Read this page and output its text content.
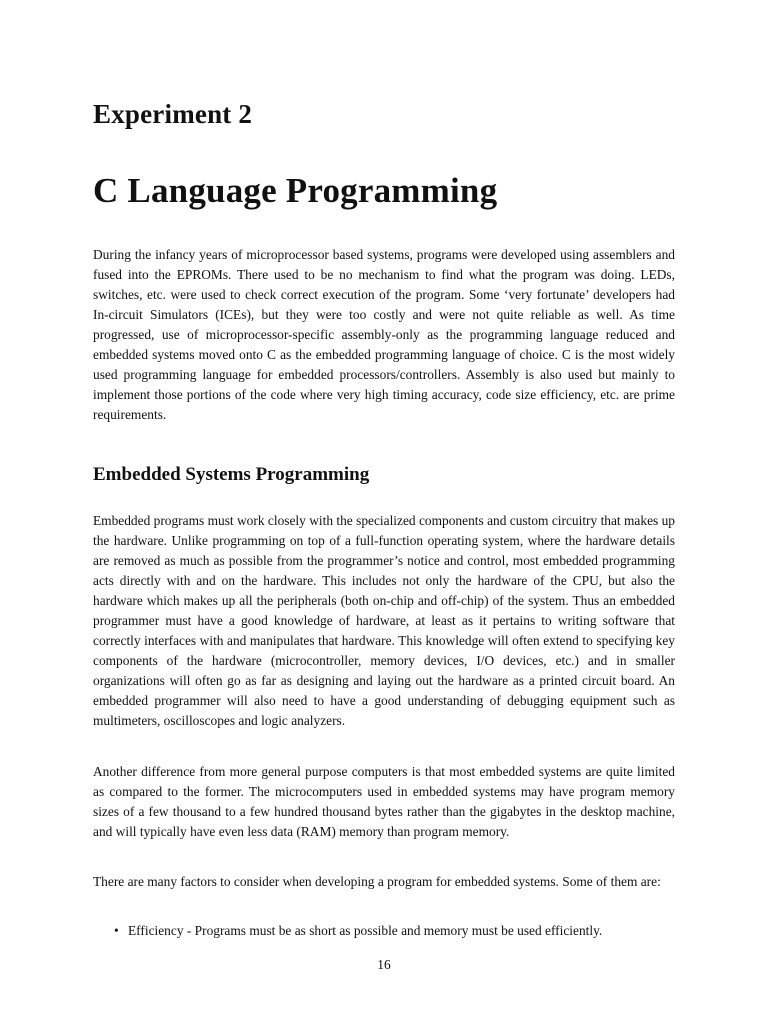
Experiment 2
C Language Programming

During the infancy years of microprocessor based systems, programs were developed using assemblers and fused into the EPROMs. There used to be no mechanism to find what the program was doing. LEDs, switches, etc. were used to check correct execution of the program. Some ‘very fortunate’ developers had In-circuit Simulators (ICEs), but they were too costly and were not quite reliable as well. As time progressed, use of microprocessor-specific assembly-only as the programming language reduced and embedded systems moved onto C as the embedded programming language of choice. C is the most widely used programming language for embedded processors/controllers. Assembly is also used but mainly to implement those portions of the code where very high timing accuracy, code size efficiency, etc. are prime requirements.

Embedded Systems Programming

Embedded programs must work closely with the specialized components and custom circuitry that makes up the hardware. Unlike programming on top of a full-function operating system, where the hardware details are removed as much as possible from the programmer’s notice and control, most embedded programming acts directly with and on the hardware. This includes not only the hardware of the CPU, but also the hardware which makes up all the peripherals (both on-chip and off-chip) of the system. Thus an embedded programmer must have a good knowledge of hardware, at least as it pertains to writing software that correctly interfaces with and manipulates that hardware. This knowledge will often extend to specifying key components of the hardware (microcontroller, memory devices, I/O devices, etc.) and in smaller organizations will often go as far as designing and laying out the hardware as a printed circuit board. An embedded programmer will also need to have a good understanding of debugging equipment such as multimeters, oscilloscopes and logic analyzers.

Another difference from more general purpose computers is that most embedded systems are quite limited as compared to the former. The microcomputers used in embedded systems may have program memory sizes of a few thousand to a few hundred thousand bytes rather than the gigabytes in the desktop machine, and will typically have even less data (RAM) memory than program memory.

There are many factors to consider when developing a program for embedded systems. Some of them are:

• Efficiency - Programs must be as short as possible and memory must be used efficiently.

16
